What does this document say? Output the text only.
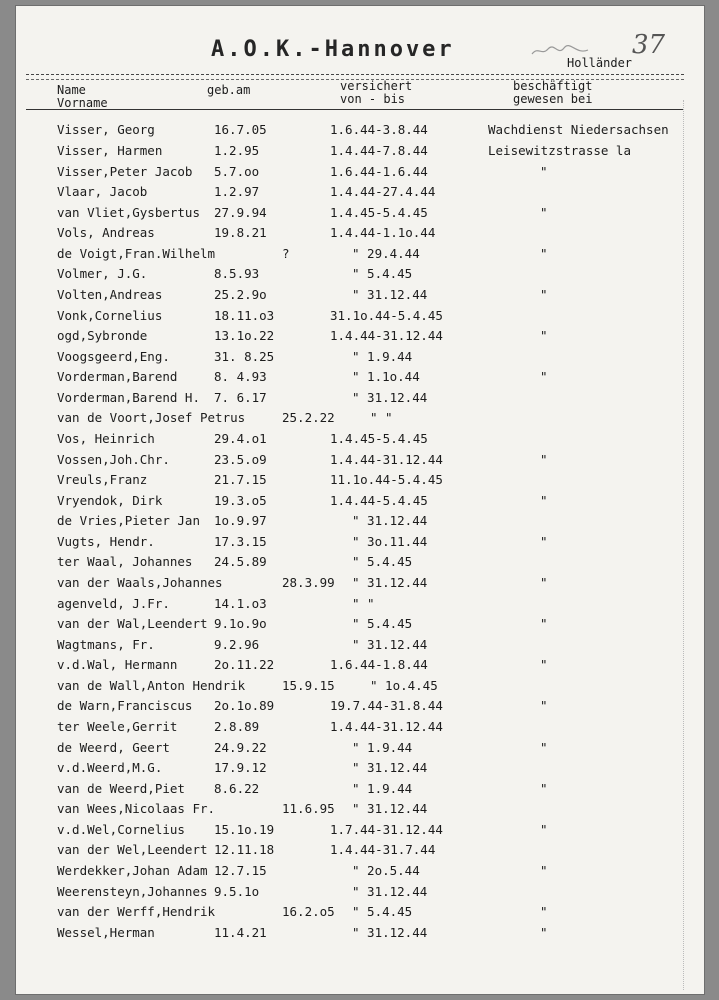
A.O.K.-Hannover	37
Holländer
Name
Vorname
geb.am	versichert
von - bis
beschäftigt
gewesen bei
Visser, Georg	16.7.05	1.6.44-3.8.44	Wachdienst Niedersachsen
Visser, Harmen	1.2.95	1.4.44-7.8.44	Leisewitzstrasse la
Visser,Peter Jacob 5.7.oo	1.6.44-1.6.44	"
Vlaar, Jacob	1.2.97	1.4.44-27.4.44
van Vliet,Gysbertus 27.9.94	1.4.45-5.4.45	"
Vols, Andreas	19.8.21	1.4.44-1.1o.44
de Voigt,Fran.Wilhelm	?	" 29.4.44	"
Volmer, J.G.	8.5.93	" 5.4.45
Volten,Andreas	25.2.9o	" 31.12.44	"
Vonk,Cornelius	18.11.o3	31.1o.44-5.4.45
ogd,Sybronde	13.1o.22	1.4.44-31.12.44	"
Voogsgeerd,Eng.	31. 8.25	" 1.9.44
Vorderman,Barend	8. 4.93	" 1.1o.44	"
Vorderman,Barend H. 7. 6.17	" 31.12.44
van de Voort,Josef Petrus	25.2.22	" "
Vos, Heinrich	29.4.o1	1.4.45-5.4.45
Vossen,Joh.Chr.	23.5.o9	1.4.44-31.12.44	"
Vreuls,Franz	21.7.15	11.1o.44-5.4.45
Vryendok, Dirk	19.3.o5	1.4.44-5.4.45	"
de Vries,Pieter Jan 1o.9.97	" 31.12.44
Vugts, Hendr.	17.3.15	" 3o.11.44	"
ter Waal, Johannes 24.5.89	" 5.4.45
van der Waals,Johannes	28.3.99 " 31.12.44	"
agenveld, J.Fr.	14.1.o3	" "
van der Wal,Leendert 9.1o.9o	" 5.4.45	"
Wagtmans, Fr.	9.2.96	" 31.12.44
v.d.Wal, Hermann	2o.11.22	1.6.44-1.8.44	"
van de Wall,Anton Hendrik	15.9.15	" 1o.4.45
de Warn,Franciscus 2o.1o.89	19.7.44-31.8.44	"
ter Weele,Gerrit	2.8.89	1.4.44-31.12.44
de Weerd, Geert	24.9.22	" 1.9.44	"
v.d.Weerd,M.G.	17.9.12	" 31.12.44
van de Weerd,Piet 8.6.22	" 1.9.44	"
van Wees,Nicolaas Fr.	11.6.95 " 31.12.44
v.d.Wel,Cornelius 15.1o.19	1.7.44-31.12.44	"
van der Wel,Leendert 12.11.18	1.4.44-31.7.44
Werdekker,Johan Adam 12.7.15	" 2o.5.44	"
Weerensteyn,Johannes 9.5.1o	" 31.12.44
van der Werff,Hendrik	16.2.o5 " 5.4.45	"
Wessel,Herman	11.4.21	" 31.12.44	"
